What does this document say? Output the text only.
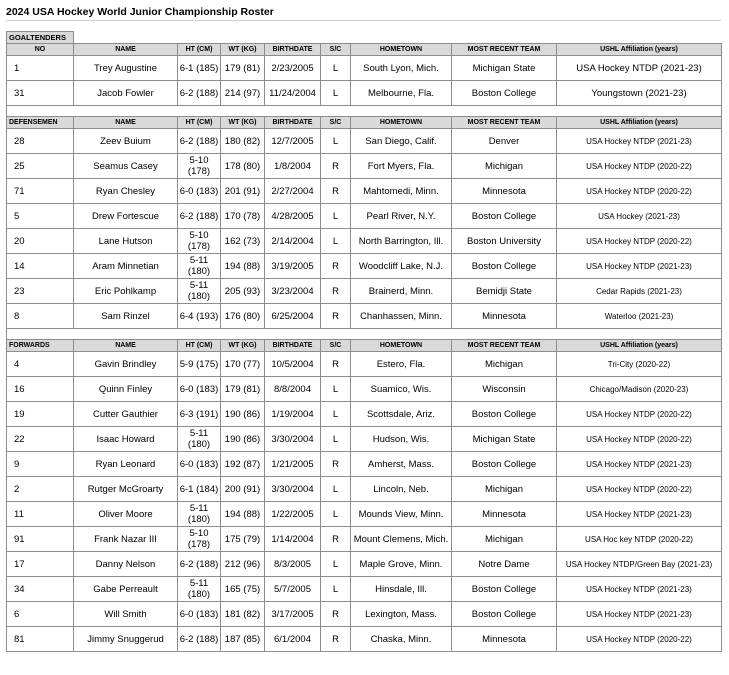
2024 USA Hockey World Junior Championship Roster
GOALTENDERS								
NO	NAME	HT (CM)	WT (KG)	BIRTHDATE	S/C	HOMETOWN	MOST RECENT TEAM	USHL Affiliation (years)
1	Trey Augustine	6-1 (185)	179 (81)	2/23/2005	L	South Lyon, Mich.	Michigan State	USA Hockey NTDP (2021-23)
31	Jacob Fowler	6-2 (188)	214 (97)	11/24/2004	L	Melbourne, Fla.	Boston College	Youngstown (2021-23)

DEFENSEMEN	NAME	HT (CM)	WT (KG)	BIRTHDATE	S/C	HOMETOWN	MOST RECENT TEAM	USHL Affiliation (years)
28	Zeev Buium	6-2 (188)	180 (82)	12/7/2005	L	San Diego, Calif.	Denver	USA Hockey NTDP (2021-23)
25	Seamus Casey	5-10 (178)	178 (80)	1/8/2004	R	Fort Myers, Fla.	Michigan	USA Hockey NTDP (2020-22)
71	Ryan Chesley	6-0 (183)	201 (91)	2/27/2004	R	Mahtomedi, Minn.	Minnesota	USA Hockey NTDP (2020-22)
5	Drew Fortescue	6-2 (188)	170 (78)	4/28/2005	L	Pearl River, N.Y.	Boston College	USA Hockey (2021-23)
20	Lane Hutson	5-10 (178)	162 (73)	2/14/2004	L	North Barrington, Ill.	Boston University	USA Hockey NTDP (2020-22)
14	Aram Minnetian	5-11 (180)	194 (88)	3/19/2005	R	Woodcliff Lake, N.J.	Boston College	USA Hockey NTDP (2021-23)
23	Eric Pohlkamp	5-11 (180)	205 (93)	3/23/2004	R	Brainerd, Minn.	Bemidji State	Cedar Rapids (2021-23)
8	Sam Rinzel	6-4 (193)	176 (80)	6/25/2004	R	Chanhassen, Minn.	Minnesota	Waterloo (2021-23)

FORWARDS	NAME	HT (CM)	WT (KG)	BIRTHDATE	S/C	HOMETOWN	MOST RECENT TEAM	USHL Affiliation (years)
4	Gavin Brindley	5-9 (175)	170 (77)	10/5/2004	R	Estero, Fla.	Michigan	Tri-City (2020-22)
16	Quinn Finley	6-0 (183)	179 (81)	8/8/2004	L	Suamico, Wis.	Wisconsin	Chicago/Madison (2020-23)
19	Cutter Gauthier	6-3 (191)	190 (86)	1/19/2004	L	Scottsdale, Ariz.	Boston College	USA Hockey NTDP (2020-22)
22	Isaac Howard	5-11 (180)	190 (86)	3/30/2004	L	Hudson, Wis.	Michigan State	USA Hockey NTDP (2020-22)
9	Ryan Leonard	6-0 (183)	192 (87)	1/21/2005	R	Amherst, Mass.	Boston College	USA Hockey NTDP (2021-23)
2	Rutger McGroarty	6-1 (184)	200 (91)	3/30/2004	L	Lincoln, Neb.	Michigan	USA Hockey NTDP (2020-22)
11	Oliver Moore	5-11 (180)	194 (88)	1/22/2005	L	Mounds View, Minn.	Minnesota	USA Hockey NTDP (2021-23)
91	Frank Nazar III	5-10 (178)	175 (79)	1/14/2004	R	Mount Clemens, Mich.	Michigan	USA Hoc key NTDP (2020-22)
17	Danny Nelson	6-2 (188)	212 (96)	8/3/2005	L	Maple Grove, Minn.	Notre Dame	USA Hockey NTDP/Green Bay (2021-23)
34	Gabe Perreault	5-11 (180)	165 (75)	5/7/2005	L	Hinsdale, Ill.	Boston College	USA Hockey NTDP (2021-23)
6	Will Smith	6-0 (183)	181 (82)	3/17/2005	R	Lexington, Mass.	Boston College	USA Hockey NTDP (2021-23)
81	Jimmy Snuggerud	6-2 (188)	187 (85)	6/1/2004	R	Chaska, Minn.	Minnesota	USA Hockey NTDP (2020-22)
